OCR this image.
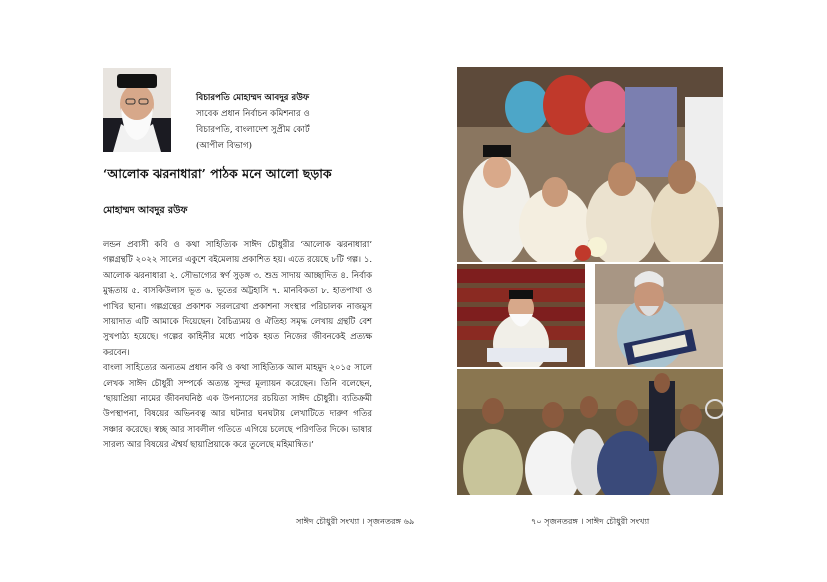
বিচারপতি মোহাম্মদ আবদুর রউফ
সাবেক প্রধান নির্বাচন কমিশনার ও
বিচারপতি, বাংলাদেশ সুপ্রীম কোর্ট
(আপীল বিভাগ)
‘আলোক ঝরনাধারা’ পাঠক মনে আলো ছড়াক
মোহাম্মদ আবদুর রউফ

লন্ডন প্রবাসী কবি ও কথা সাহিত্যিক সাঈদ চৌধুরীর ‘আলোক ঝরনাধারা’ গল্পগ্রন্থটি ২০২২ সালের একুশে বইমেলায় প্রকাশিত হয়। এতে রয়েছে ৮টি গল্প। ১. আলোক ঝরনাধারা ২. সৌভাগ্যের স্বর্ণ সুড়ঙ্গ ৩. শুভ্র সাদায় আচ্ছাদিত ৪. নির্বাক মুগ্ধতায় ৫. বাসকিউলাস ভূত ৬. ভূতের অট্টহাসি ৭. মানবিকতা ৮. হাতপাখা ও পাখির ছানা। গল্পগ্রন্থের প্রকাশক সরলরেখা প্রকাশনা সংস্থার পরিচালক নাজমুস সায়াদাত এটি আমাকে দিয়েছেন। বৈচিত্র্যময় ও ঐতিহ্য সমৃদ্ধ লেখায় গ্রন্থটি বেশ সুখপাঠ্য হয়েছে। গল্পের কাহিনীর মধ্যে পাঠক হয়ত নিজের জীবনকেই প্রত্যক্ষ করবেন।

বাংলা সাহিত্যের অন্যতম প্রধান কবি ও কথা সাহিত্যিক আল মাহমুদ ২০১৫ সালে লেখক সাঈদ চৌধুরী সম্পর্কে অত্যন্ত সুন্দর মূল্যায়ন করেছেন। তিনি বলেছেন, ‘ছায়াপ্রিয়া নামের জীবনঘনিষ্ঠ এক উপন্যাসের রচয়িতা সাঈদ চৌধুরী। ব্যতিক্রমী উপস্থাপনা, বিষয়ের অভিনবত্ব আর ঘটনার ঘনঘটায় লেখাটিতে দারুণ গতির সঞ্চার করেছে। স্বচ্ছ আর সাবলীল গতিতে এগিয়ে চলেছে পরিণতির দিকে। ভাষার সারল্য আর বিষয়ের ঐশ্বর্য ছায়াপ্রিয়াকে করে তুলেছে মহিমান্বিত।’

সাঈদ চৌধুরী সংখ্যা । সৃজনতরঙ্গ ৬৯	৭০ সৃজনতরঙ্গ । সাঈদ চৌধুরী সংখ্যা
